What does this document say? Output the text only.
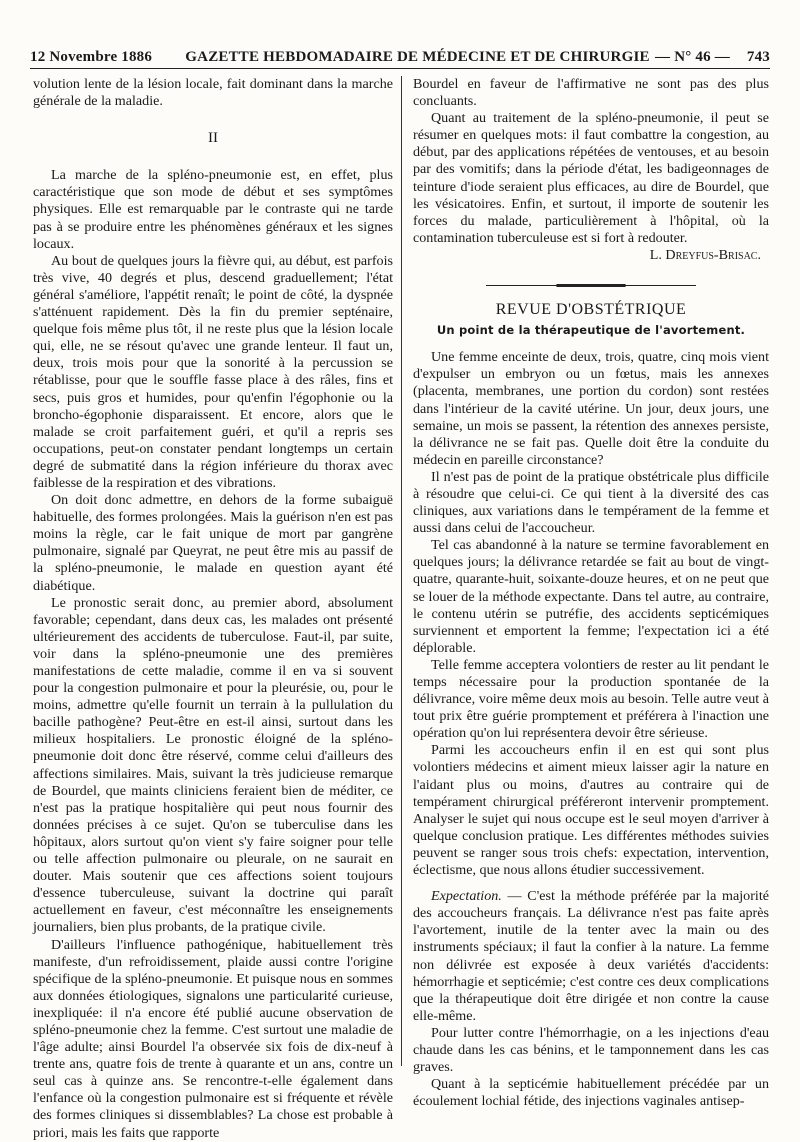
12 Novembre 1886	GAZETTE HEBDOMADAIRE DE MÉDECINE ET DE CHIRURGIE — N° 46 —	743

volution lente de la lésion locale, fait dominant dans la marche générale de la maladie.

II

La marche de la spléno-pneumonie est, en effet, plus caractéristique que son mode de début et ses symptômes physiques. Elle est remarquable par le contraste qui ne tarde pas à se produire entre les phénomènes généraux et les signes locaux.

Au bout de quelques jours la fièvre qui, au début, est parfois très vive, 40 degrés et plus, descend graduellement; l'état général s'améliore, l'appétit renaît; le point de côté, la dyspnée s'atténuent rapidement. Dès la fin du premier septénaire, quelque fois même plus tôt, il ne reste plus que la lésion locale qui, elle, ne se résout qu'avec une grande lenteur. Il faut un, deux, trois mois pour que la sonorité à la percussion se rétablisse, pour que le souffle fasse place à des râles, fins et secs, puis gros et humides, pour qu'enfin l'égophonie ou la broncho-égophonie disparaissent. Et encore, alors que le malade se croit parfaitement guéri, et qu'il a repris ses occupations, peut-on constater pendant longtemps un certain degré de submatité dans la région inférieure du thorax avec faiblesse de la respiration et des vibrations.

On doit donc admettre, en dehors de la forme subaiguë habituelle, des formes prolongées. Mais la guérison n'en est pas moins la règle, car le fait unique de mort par gangrène pulmonaire, signalé par Queyrat, ne peut être mis au passif de la spléno-pneumonie, le malade en question ayant été diabétique.

Le pronostic serait donc, au premier abord, absolument favorable; cependant, dans deux cas, les malades ont présenté ultérieurement des accidents de tuberculose. Faut-il, par suite, voir dans la spléno-pneumonie une des premières manifestations de cette maladie, comme il en va si souvent pour la congestion pulmonaire et pour la pleurésie, ou, pour le moins, admettre qu'elle fournit un terrain à la pullulation du bacille pathogène? Peut-être en est-il ainsi, surtout dans les milieux hospitaliers. Le pronostic éloigné de la spléno-pneumonie doit donc être réservé, comme celui d'ailleurs des affections similaires. Mais, suivant la très judicieuse remarque de Bourdel, que maints cliniciens feraient bien de méditer, ce n'est pas la pratique hospitalière qui peut nous fournir des données précises à ce sujet. Qu'on se tuberculise dans les hôpitaux, alors surtout qu'on vient s'y faire soigner pour telle ou telle affection pulmonaire ou pleurale, on ne saurait en douter. Mais soutenir que ces affections soient toujours d'essence tuberculeuse, suivant la doctrine qui paraît actuellement en faveur, c'est méconnaître les enseignements journaliers, bien plus probants, de la pratique civile.

D'ailleurs l'influence pathogénique, habituellement très manifeste, d'un refroidissement, plaide aussi contre l'origine spécifique de la spléno-pneumonie. Et puisque nous en sommes aux données étiologiques, signalons une particularité curieuse, inexpliquée: il n'a encore été publié aucune observation de spléno-pneumonie chez la femme. C'est surtout une maladie de l'âge adulte; ainsi Bourdel l'a observée six fois de dix-neuf à trente ans, quatre fois de trente à quarante et un ans, contre un seul cas à quinze ans. Se rencontre-t-elle également dans l'enfance où la congestion pulmonaire est si fréquente et révèle des formes cliniques si dissemblables? La chose est probable à priori, mais les faits que rapporte

Bourdel en faveur de l'affirmative ne sont pas des plus concluants.

Quant au traitement de la spléno-pneumonie, il peut se résumer en quelques mots: il faut combattre la congestion, au début, par des applications répétées de ventouses, et au besoin par des vomitifs; dans la période d'état, les badigeonnages de teinture d'iode seraient plus efficaces, au dire de Bourdel, que les vésicatoires. Enfin, et surtout, il importe de soutenir les forces du malade, particulièrement à l'hôpital, où la contamination tuberculeuse est si fort à redouter.

L. Dreyfus-Brisac.

REVUE D'OBSTÉTRIQUE
Un point de la thérapeutique de l'avortement.

Une femme enceinte de deux, trois, quatre, cinq mois vient d'expulser un embryon ou un fœtus, mais les annexes (placenta, membranes, une portion du cordon) sont restées dans l'intérieur de la cavité utérine. Un jour, deux jours, une semaine, un mois se passent, la rétention des annexes persiste, la délivrance ne se fait pas. Quelle doit être la conduite du médecin en pareille circonstance?

Il n'est pas de point de la pratique obstétricale plus difficile à résoudre que celui-ci. Ce qui tient à la diversité des cas cliniques, aux variations dans le tempérament de la femme et aussi dans celui de l'accoucheur.

Tel cas abandonné à la nature se termine favorablement en quelques jours; la délivrance retardée se fait au bout de vingt-quatre, quarante-huit, soixante-douze heures, et on ne peut que se louer de la méthode expectante. Dans tel autre, au contraire, le contenu utérin se putréfie, des accidents septicémiques surviennent et emportent la femme; l'expectation ici a été déplorable.

Telle femme acceptera volontiers de rester au lit pendant le temps nécessaire pour la production spontanée de la délivrance, voire même deux mois au besoin. Telle autre veut à tout prix être guérie promptement et préférera à l'inaction une opération qu'on lui représentera devoir être sérieuse.

Parmi les accoucheurs enfin il en est qui sont plus volontiers médecins et aiment mieux laisser agir la nature en l'aidant plus ou moins, d'autres au contraire qui de tempérament chirurgical préféreront intervenir promptement. Analyser le sujet qui nous occupe est le seul moyen d'arriver à quelque conclusion pratique. Les différentes méthodes suivies peuvent se ranger sous trois chefs: expectation, intervention, éclectisme, que nous allons étudier successivement.

Expectation. — C'est la méthode préférée par la majorité des accoucheurs français. La délivrance n'est pas faite après l'avortement, inutile de la tenter avec la main ou des instruments spéciaux; il faut la confier à la nature. La femme non délivrée est exposée à deux variétés d'accidents: hémorrhagie et septicémie; c'est contre ces deux complications que la thérapeutique doit être dirigée et non contre la cause elle-même.

Pour lutter contre l'hémorrhagie, on a les injections d'eau chaude dans les cas bénins, et le tamponnement dans les cas graves.

Quant à la septicémie habituellement précédée par un écoulement lochial fétide, des injections vaginales antisep-
